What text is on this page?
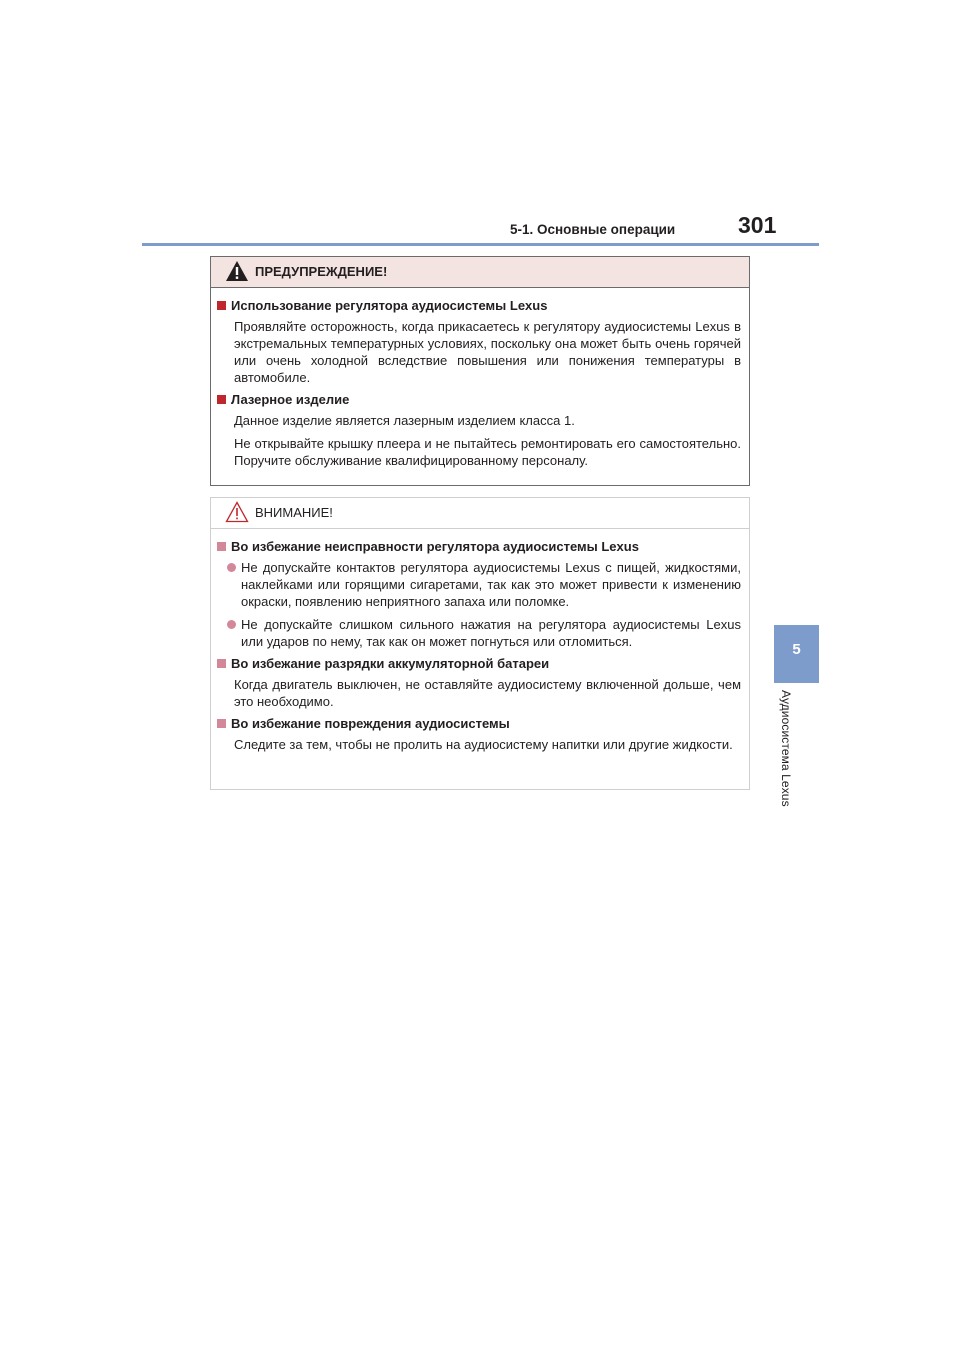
5-1. Основные операции	301
5
Аудиосистема Lexus
ПРЕДУПРЕЖДЕНИЕ!
Использование регулятора аудиосистемы Lexus

Проявляйте осторожность, когда прикасаетесь к регулятору аудиосистемы Lexus в экстремальных температурных условиях, поскольку она может быть очень горячей или очень холодной вследствие повышения или понижения температуры в автомобиле.

Лазерное изделие

Данное изделие является лазерным изделием класса 1.

Не открывайте крышку плеера и не пытайтесь ремонтировать его самостоятельно. Поручите обслуживание квалифицированному персоналу.

ВНИМАНИЕ!
Во избежание неисправности регулятора аудиосистемы Lexus
Не допускайте контактов регулятора аудиосистемы Lexus с пищей, жидкостями, наклейками или горящими сигаретами, так как это может привести к изменению окраски, появлению неприятного запаха или поломке.
Не допускайте слишком сильного нажатия на регулятора аудиосистемы Lexus или ударов по нему, так как он может погнуться или отломиться.
Во избежание разрядки аккумуляторной батареи

Когда двигатель выключен, не оставляйте аудиосистему включенной дольше, чем это необходимо.

Во избежание повреждения аудиосистемы

Следите за тем, чтобы не пролить на аудиосистему напитки или другие жидкости.
